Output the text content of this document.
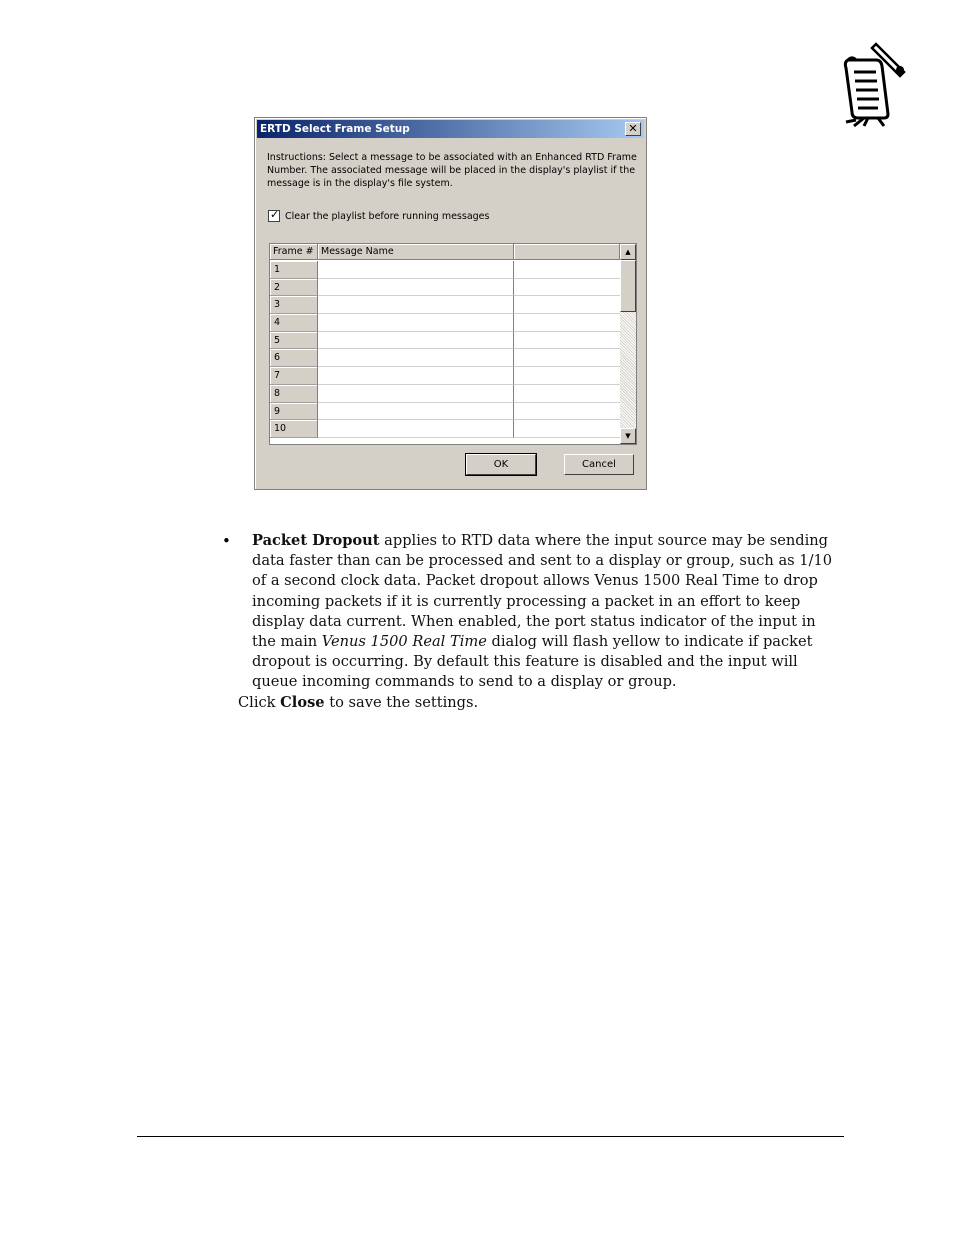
ERTD Select Frame Setup	✕
Instructions: Select a message to be associated with an Enhanced RTD Frame Number. The associated message will be placed in the display's playlist if the message is in the display's file system.
✓ Clear the playlist before running messages
Frame # Message Name
1
2
3
4
5
6
7
8
9
10
▲
▼
OK	Cancel
• Packet Dropout applies to RTD data where the input source may be sending data faster than can be processed and sent to a display or group, such as 1/10 of a second clock data. Packet dropout allows Venus 1500 Real Time to drop incoming packets if it is currently processing a packet in an effort to keep display data current. When enabled, the port status indicator of the input in the main Venus 1500 Real Time dialog will flash yellow to indicate if packet dropout is occurring. By default this feature is disabled and the input will queue incoming commands to send to a display or group.
Click Close to save the settings.
